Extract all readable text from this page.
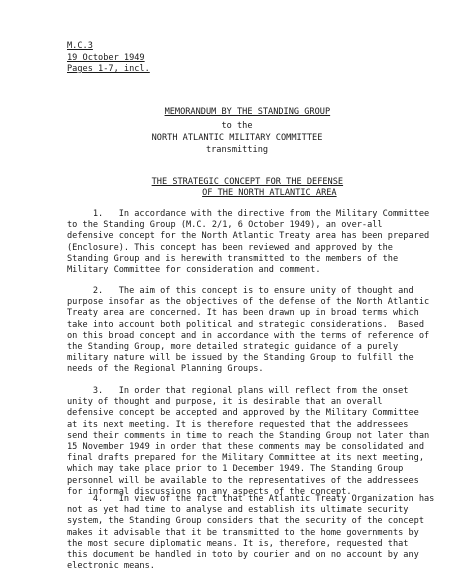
M.C.3
19 October 1949
Pages 1-7, incl.

MEMORANDUM BY THE STANDING GROUP

to the
NORTH ATLANTIC MILITARY COMMITTEE
transmitting

THE STRATEGIC CONCEPT FOR THE DEFENSE

OF THE NORTH ATLANTIC AREA

1.   In accordance with the directive from the Military Committee
to the Standing Group (M.C. 2/1, 6 October 1949), an over-all
defensive concept for the North Atlantic Treaty area has been prepared
(Enclosure). This concept has been reviewed and approved by the
Standing Group and is herewith transmitted to the members of the
Military Committee for consideration and comment.
2.   The aim of this concept is to ensure unity of thought and
purpose insofar as the objectives of the defense of the North Atlantic
Treaty area are concerned. It has been drawn up in broad terms which
take into account both political and strategic considerations.  Based
on this broad concept and in accordance with the terms of reference of
the Standing Group, more detailed strategic guidance of a purely
military nature will be issued by the Standing Group to fulfill the
needs of the Regional Planning Groups.
3.   In order that regional plans will reflect from the onset
unity of thought and purpose, it is desirable that an overall
defensive concept be accepted and approved by the Military Committee
at its next meeting. It is therefore requested that the addressees
send their comments in time to reach the Standing Group not later than
15 November 1949 in order that these comments may be consolidated and
final drafts prepared for the Military Committee at its next meeting,
which may take place prior to 1 December 1949. The Standing Group
personnel will be available to the representatives of the addressees
for informal discussions on any aspects of the concept.
4.   In view of the fact that the Atlantic Treaty Organization has
not as yet had time to analyse and establish its ultimate security
system, the Standing Group considers that the security of the concept
makes it advisable that it be transmitted to the home governments by
the most secure diplomatic means. It is, therefore, requested that
this document be handled in toto by courier and on no account by any
electronic means.
